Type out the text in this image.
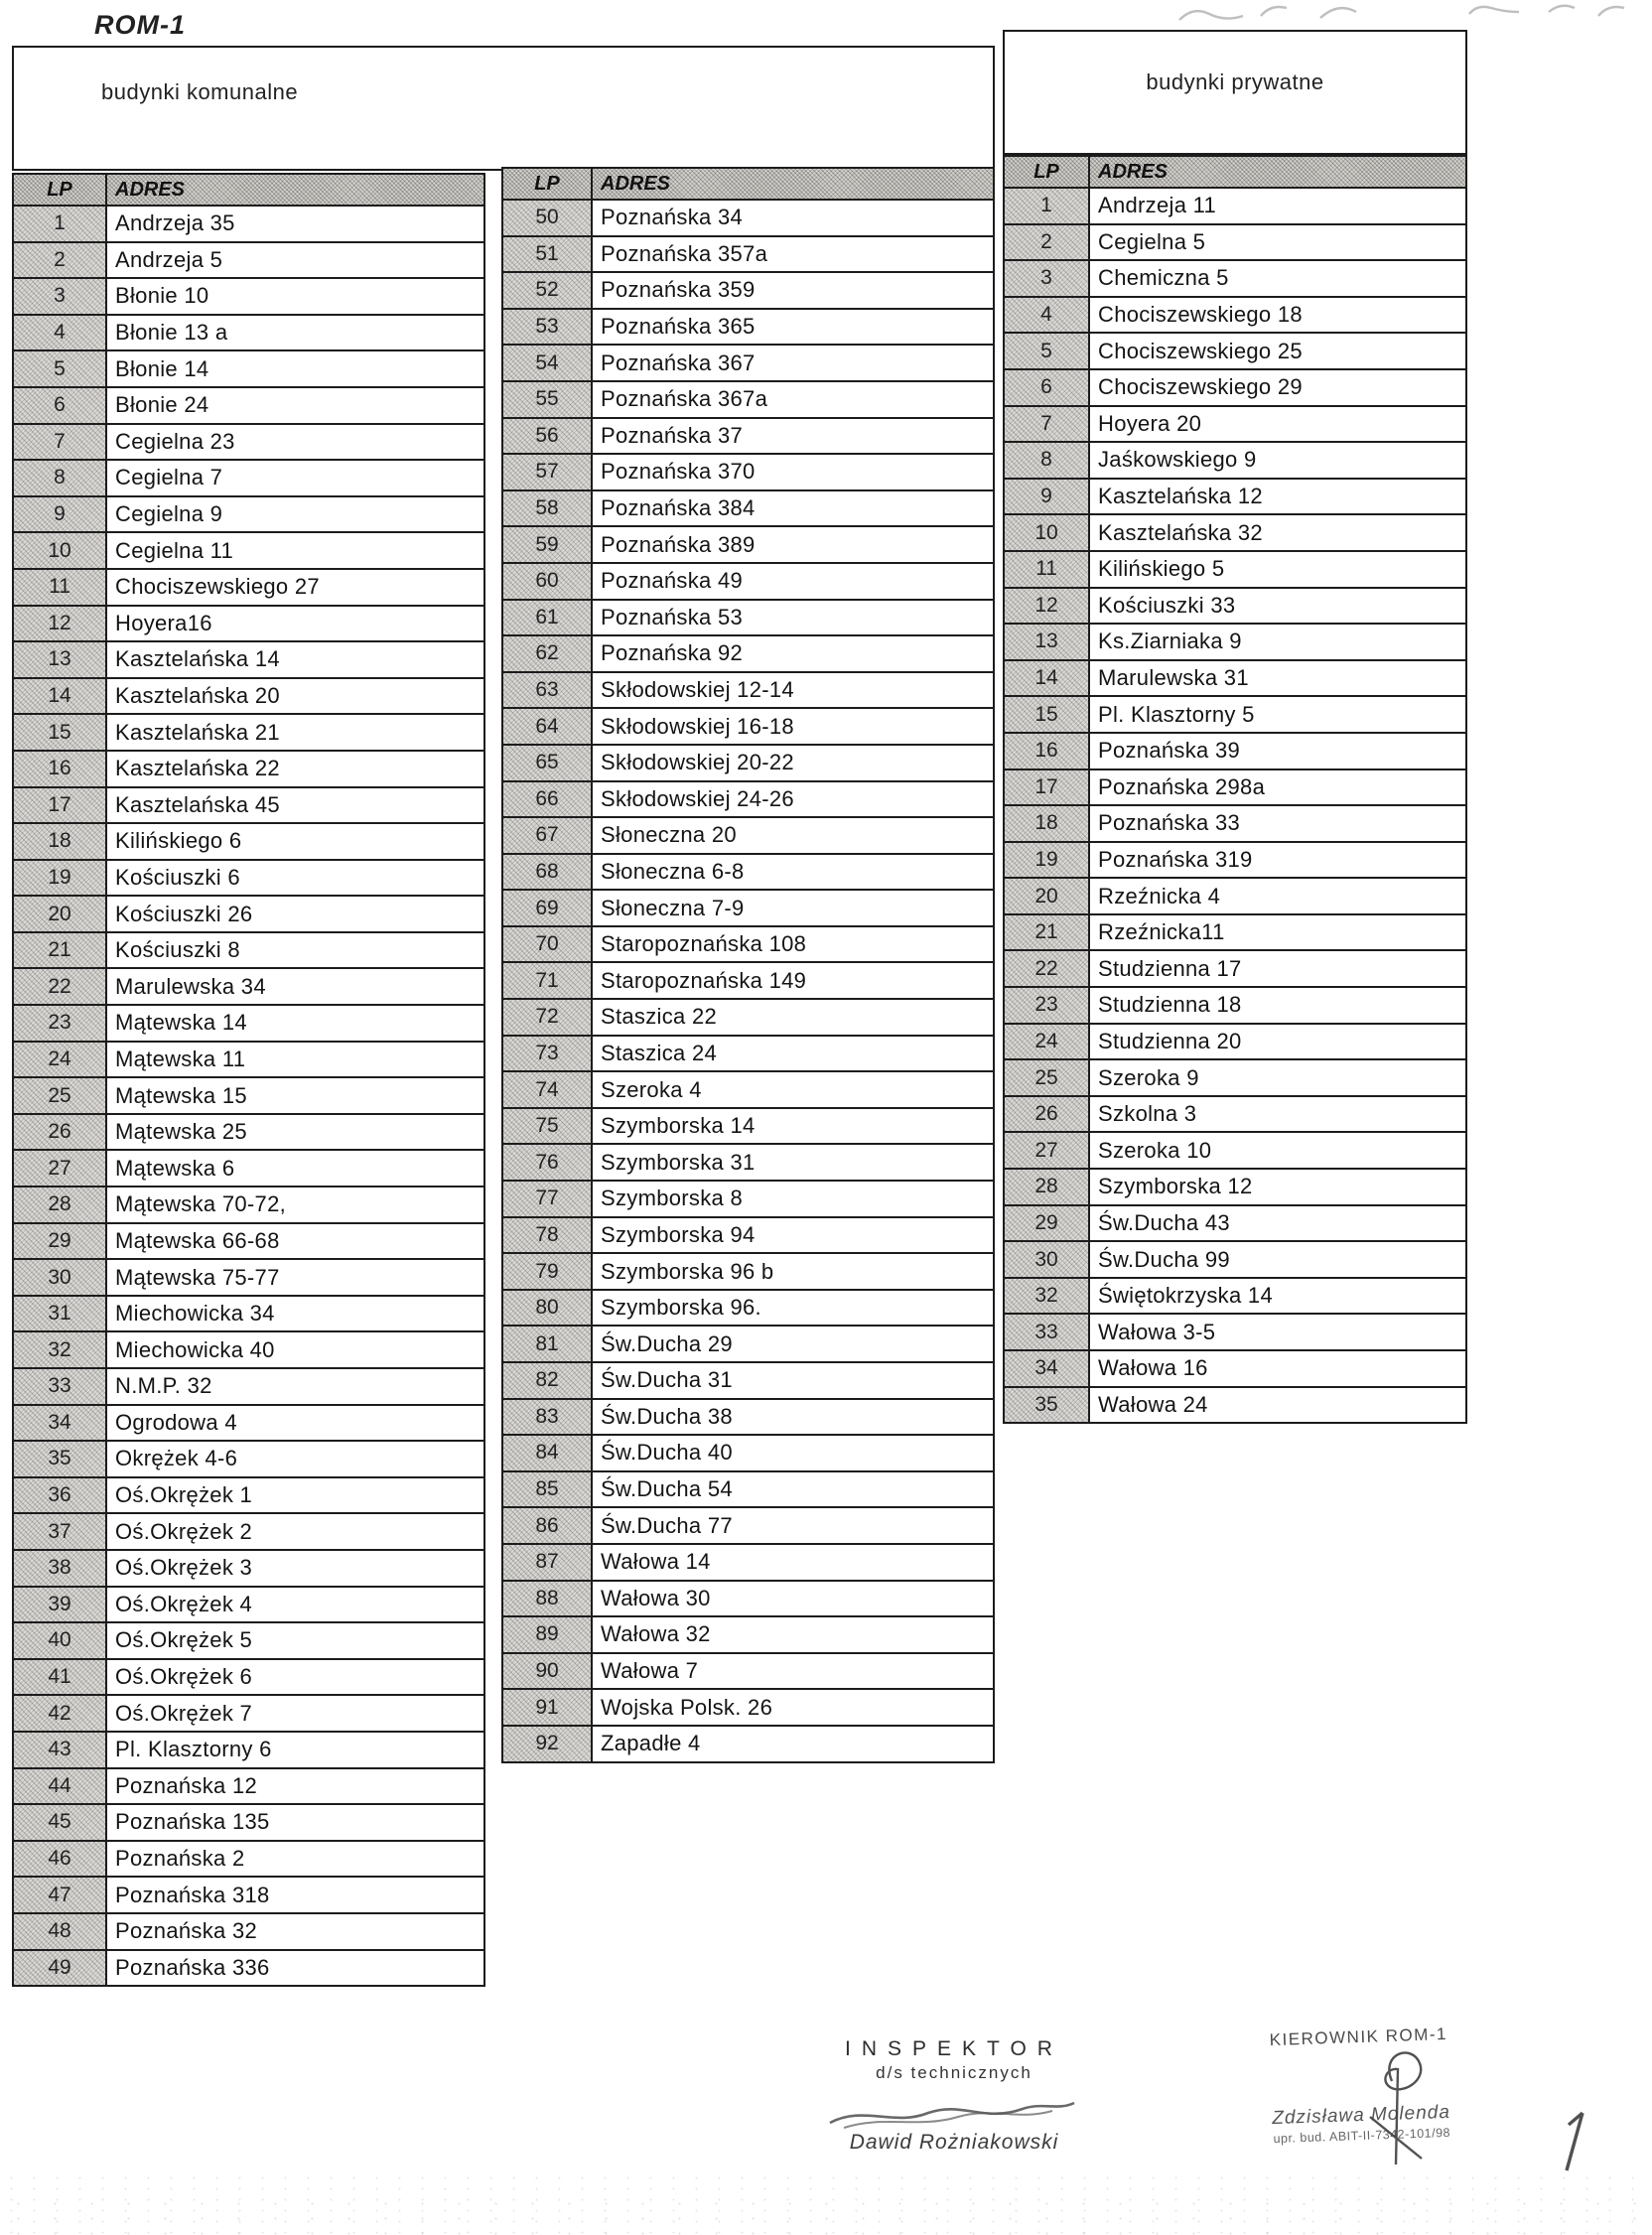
ROM-1
budynki komunalne	budynki prywatne
LP	ADRES
1	Andrzeja 35
2	Andrzeja 5
3	Błonie 10
4	Błonie 13 a
5	Błonie 14
6	Błonie 24
7	Cegielna 23
8	Cegielna 7
9	Cegielna 9
10	Cegielna 11
11	Chociszewskiego 27
12	Hoyera16
13	Kasztelańska 14
14	Kasztelańska 20
15	Kasztelańska 21
16	Kasztelańska 22
17	Kasztelańska 45
18	Kilińskiego 6
19	Kościuszki 6
20	Kościuszki 26
21	Kościuszki 8
22	Marulewska 34
23	Mątewska 14
24	Mątewska 11
25	Mątewska 15
26	Mątewska 25
27	Mątewska 6
28	Mątewska 70-72,
29	Mątewska 66-68
30	Mątewska 75-77
31	Miechowicka 34
32	Miechowicka 40
33	N.M.P. 32
34	Ogrodowa 4
35	Okrężek 4-6
36	Oś.Okrężek 1
37	Oś.Okrężek 2
38	Oś.Okrężek 3
39	Oś.Okrężek 4
40	Oś.Okrężek 5
41	Oś.Okrężek 6
42	Oś.Okrężek 7
43	Pl. Klasztorny 6
44	Poznańska 12
45	Poznańska 135
46	Poznańska 2
47	Poznańska 318
48	Poznańska 32
49	Poznańska 336
LP	ADRES
50	Poznańska 34
51	Poznańska 357a
52	Poznańska 359
53	Poznańska 365
54	Poznańska 367
55	Poznańska 367a
56	Poznańska 37
57	Poznańska 370
58	Poznańska 384
59	Poznańska 389
60	Poznańska 49
61	Poznańska 53
62	Poznańska 92
63	Skłodowskiej 12-14
64	Skłodowskiej 16-18
65	Skłodowskiej 20-22
66	Skłodowskiej 24-26
67	Słoneczna 20
68	Słoneczna 6-8
69	Słoneczna 7-9
70	Staropoznańska 108
71	Staropoznańska 149
72	Staszica 22
73	Staszica 24
74	Szeroka 4
75	Szymborska 14
76	Szymborska 31
77	Szymborska 8
78	Szymborska 94
79	Szymborska 96 b
80	Szymborska 96.
81	Św.Ducha 29
82	Św.Ducha 31
83	Św.Ducha 38
84	Św.Ducha 40
85	Św.Ducha 54
86	Św.Ducha 77
87	Wałowa 14
88	Wałowa 30
89	Wałowa 32
90	Wałowa 7
91	Wojska Polsk. 26
92	Zapadłe 4
LP	ADRES
1	Andrzeja 11
2	Cegielna 5
3	Chemiczna 5
4	Chociszewskiego 18
5	Chociszewskiego 25
6	Chociszewskiego 29
7	Hoyera 20
8	Jaśkowskiego 9
9	Kasztelańska 12
10	Kasztelańska 32
11	Kilińskiego 5
12	Kościuszki 33
13	Ks.Ziarniaka 9
14	Marulewska 31
15	Pl. Klasztorny 5
16	Poznańska 39
17	Poznańska 298a
18	Poznańska 33
19	Poznańska 319
20	Rzeźnicka 4
21	Rzeźnicka11
22	Studzienna 17
23	Studzienna 18
24	Studzienna 20
25	Szeroka 9
26	Szkolna 3
27	Szeroka 10
28	Szymborska 12
29	Św.Ducha 43
30	Św.Ducha 99
32	Świętokrzyska 14
33	Wałowa 3-5
34	Wałowa 16
35	Wałowa 24
INSPEKTOR
d/s technicznych
Dawid Rożniakowski
KIEROWNIK ROM-1
Zdzisława Molenda
upr. bud. ABIT-II-7342-101/98
